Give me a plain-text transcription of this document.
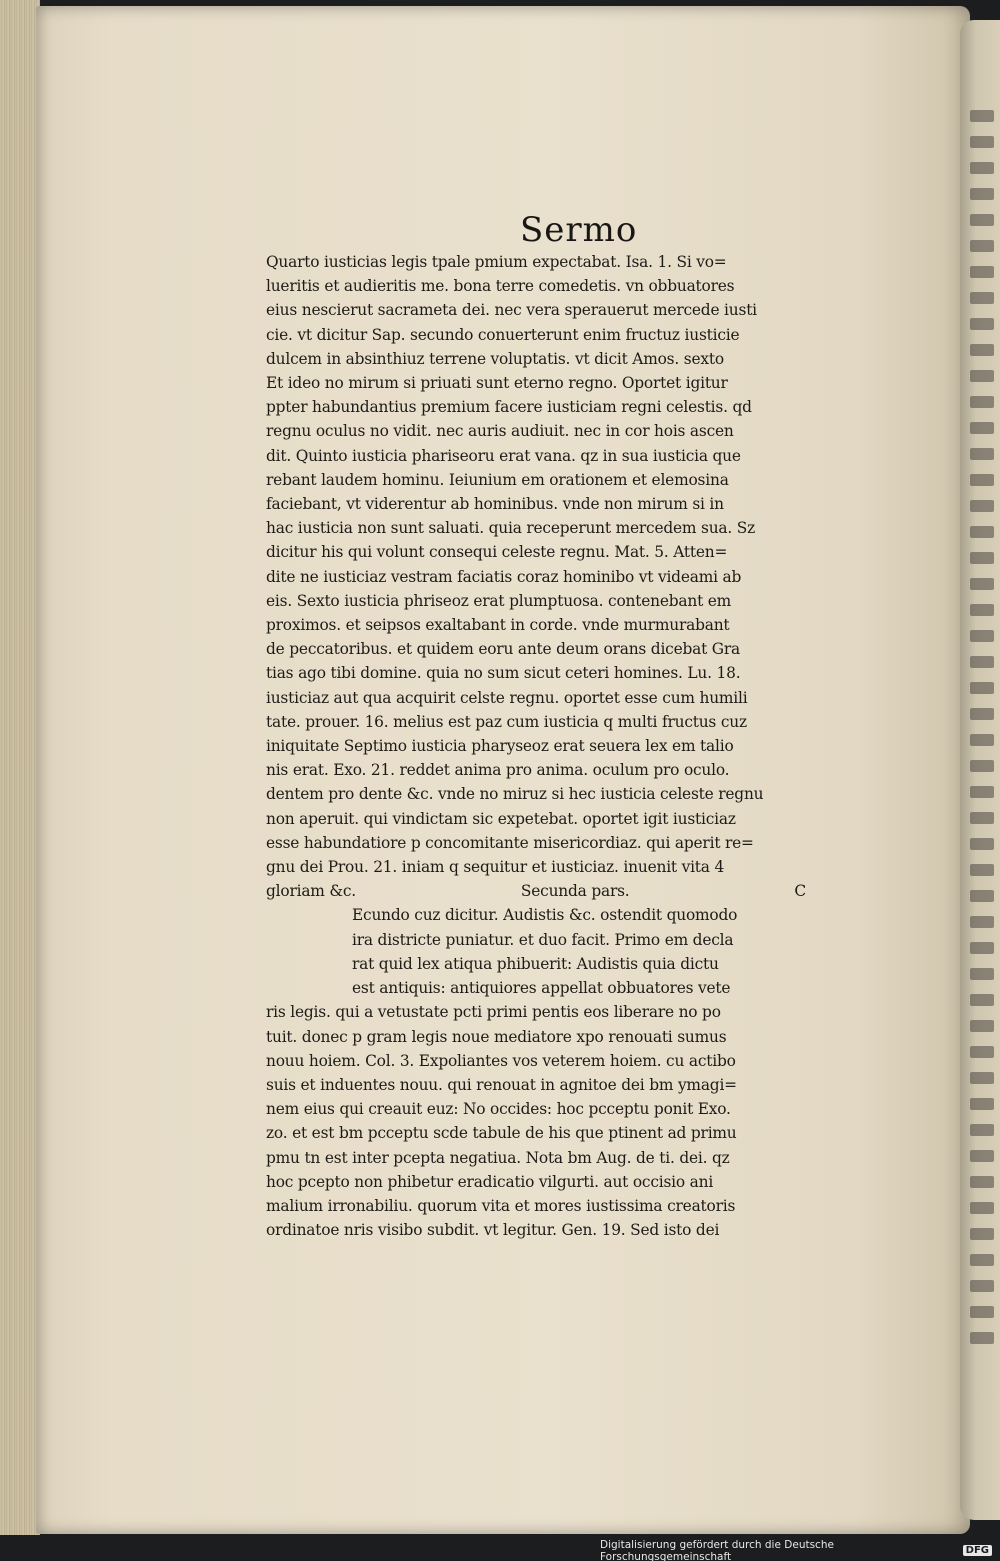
Sermo
Quarto iusticias legis tpale pmium expectabat. Isa. 1. Si vo=
lueritis et audieritis me. bona terre comedetis. vn obbuatores
eius nescierut sacrameta dei. nec vera sperauerut mercede iusti
cie. vt dicitur Sap. secundo conuerterunt enim fructuz iusticie
dulcem in absinthiuz terrene voluptatis. vt dicit Amos. sexto
Et ideo no mirum si priuati sunt eterno regno. Oportet igitur
ppter habundantius premium facere iusticiam regni celestis. qd
regnu oculus no vidit. nec auris audiuit. nec in cor hois ascen
dit. Quinto iusticia phariseoru erat vana. qz in sua iusticia que
rebant laudem hominu. Ieiunium em orationem et elemosina
faciebant, vt viderentur ab hominibus. vnde non mirum si in
hac iusticia non sunt saluati. quia receperunt mercedem sua. Sz
dicitur his qui volunt consequi celeste regnu. Mat. 5. Atten=
dite ne iusticiaz vestram faciatis coraz hominibo vt videami ab
eis. Sexto iusticia phriseoz erat plumptuosa. contenebant em
proximos. et seipsos exaltabant in corde. vnde murmurabant
de peccatoribus. et quidem eoru ante deum orans dicebat Gra
tias ago tibi domine. quia no sum sicut ceteri homines. Lu. 18.
iusticiaz aut qua acquirit celste regnu. oportet esse cum humili
tate. prouer. 16. melius est paz cum iusticia q multi fructus cuz
iniquitate Septimo iusticia pharyseoz erat seuera lex em talio
nis erat. Exo. 21. reddet anima pro anima. oculum pro oculo.
dentem pro dente &c. vnde no miruz si hec iusticia celeste regnu
non aperuit. qui vindictam sic expetebat. oportet igit iusticiaz
esse habundatiore p concomitante misericordiaz. qui aperit re=
gnu dei Prou. 21. iniam q sequitur et iusticiaz. inuenit vita 4
gloriam &c.	Secunda pars.	C
Ecundo cuz dicitur. Audistis &c. ostendit quomodo
ira districte puniatur. et duo facit. Primo em decla
rat quid lex atiqua phibuerit: Audistis quia dictu
est antiquis: antiquiores appellat obbuatores vete
ris legis. qui a vetustate pcti primi pentis eos liberare no po
tuit. donec p gram legis noue mediatore xpo renouati sumus
nouu hoiem. Col. 3. Expoliantes vos veterem hoiem. cu actibo
suis et induentes nouu. qui renouat in agnitoe dei bm ymagi=
nem eius qui creauit euz: No occides: hoc pcceptu ponit Exo.
zo. et est bm pcceptu scde tabule de his que ptinent ad primu
pmu tn est inter pcepta negatiua. Nota bm Aug. de ti. dei. qz
hoc pcepto non phibetur eradicatio vilgurti. aut occisio ani
malium irronabiliu. quorum vita et mores iustissima creatoris
ordinatoe nris visibo subdit. vt legitur. Gen. 19. Sed isto dei
Digitalisierung gefördert durch die Deutsche Forschungsgemeinschaft	DFG
